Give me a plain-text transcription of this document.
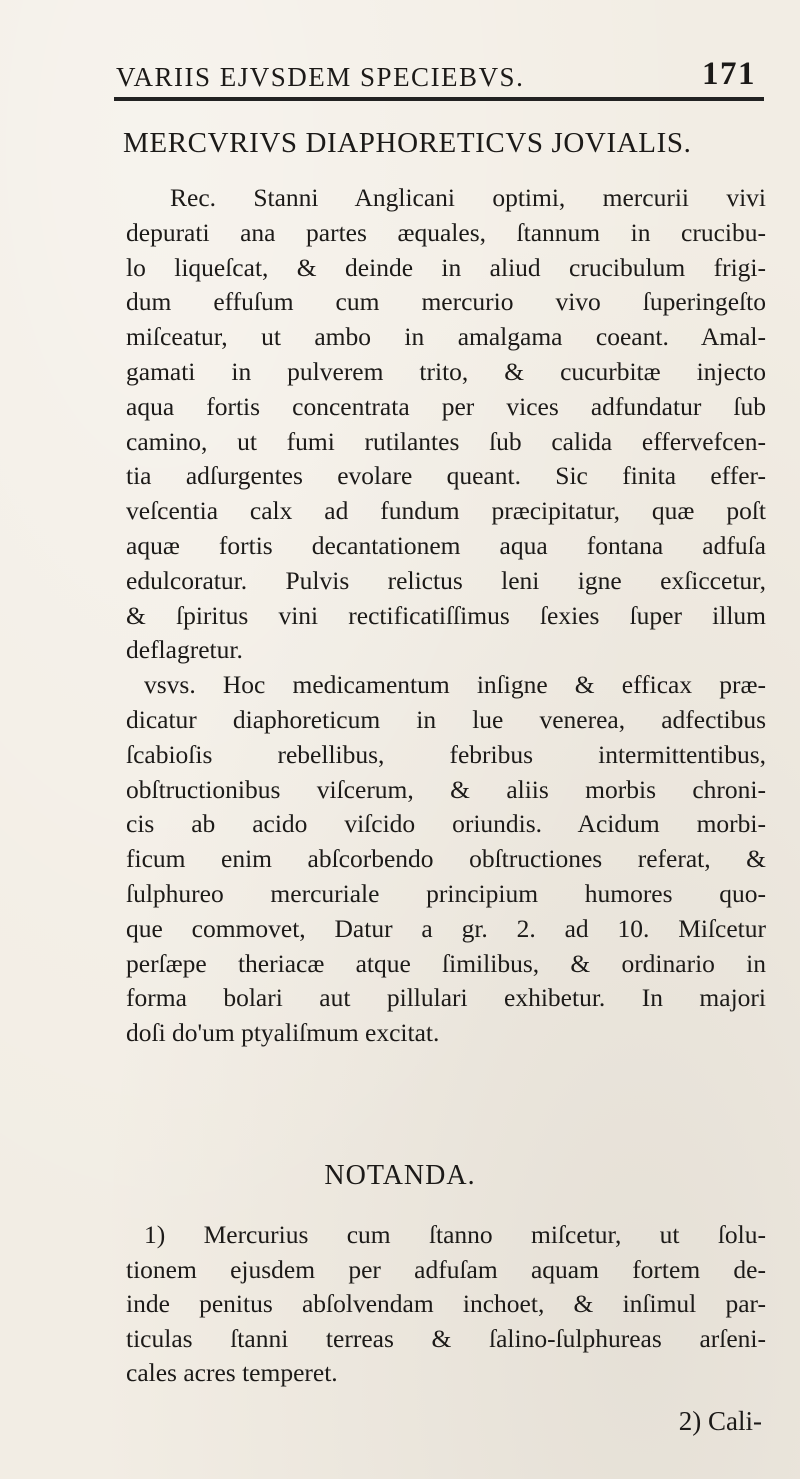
VARIIS EJVSDEM SPECIEBVS.	171
MERCVRIVS DIAPHORETICVS JOVIALIS.
Rec. Stanni Anglicani optimi, mercurii vivi
depurati ana partes æquales, ſtannum in crucibu-
lo liqueſcat, & deinde in aliud crucibulum frigi-
dum effuſum cum mercurio vivo ſuperingeſto
miſceatur, ut ambo in amalgama coeant. Amal-
gamati in pulverem trito, & cucurbitæ injecto
aqua fortis concentrata per vices adfundatur ſub
camino, ut fumi rutilantes ſub calida effervefcen-
tia adſurgentes evolare queant. Sic finita effer-
veſcentia calx ad fundum præcipitatur, quæ poſt
aquæ fortis decantationem aqua fontana adfuſa
edulcoratur. Pulvis relictus leni igne exſiccetur,
& ſpiritus vini rectificatiſſimus ſexies ſuper illum
deflagretur.
vsvs. Hoc medicamentum inſigne & efficax præ-
dicatur diaphoreticum in lue venerea, adfectibus
ſcabioſis rebellibus, febribus intermittentibus,
obſtructionibus viſcerum, & aliis morbis chroni-
cis ab acido viſcido oriundis. Acidum morbi-
ficum enim abſcorbendo obſtructiones referat, &
ſulphureo mercuriale principium humores quo-
que commovet, Datur a gr. 2. ad 10. Miſcetur
perſæpe theriacæ atque ſimilibus, & ordinario in
forma bolari aut pillulari exhibetur. In majori
doſi do'um ptyaliſmum excitat.
NOTANDA.
1) Mercurius cum ſtanno miſcetur, ut ſolu-
tionem ejusdem per adfuſam aquam fortem de-
inde penitus abſolvendam inchoet, & inſimul par-
ticulas ſtanni terreas & ſalino-ſulphureas arſeni-
cales acres temperet.
2) Cali-
